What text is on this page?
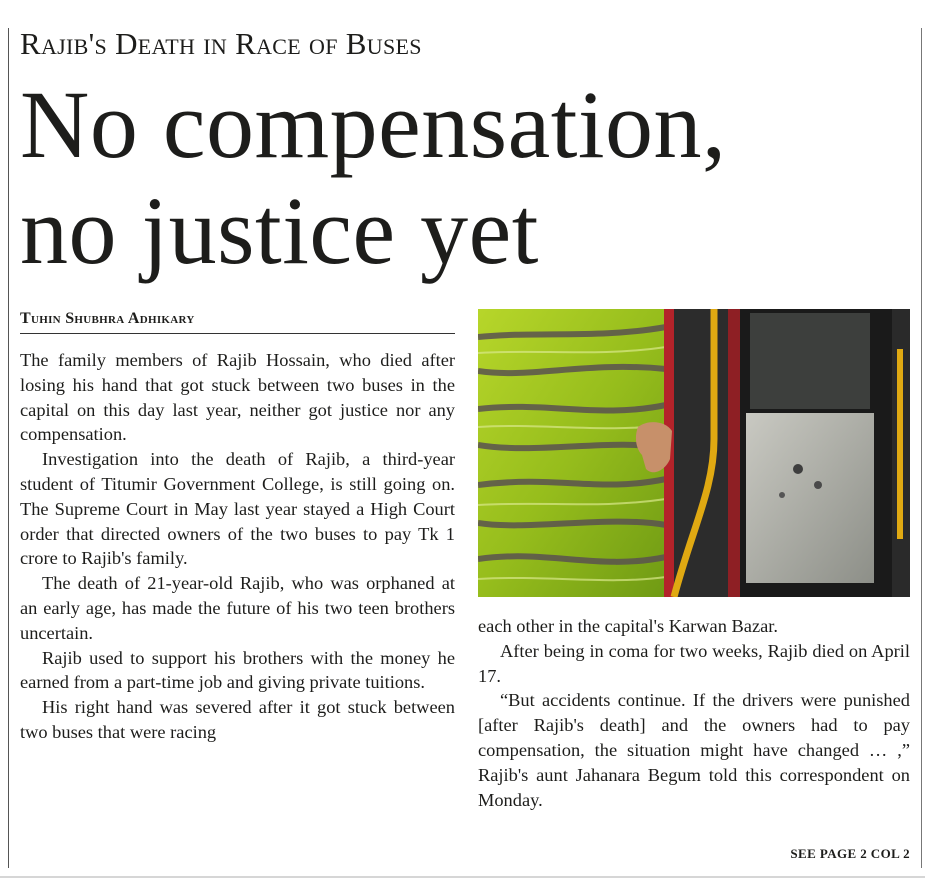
Rajib's Death in Race of Buses
No compensation,
no justice yet
Tuhin Shubhra Adhikary

The family members of Rajib Hossain, who died after losing his hand that got stuck between two buses in the capital on this day last year, neither got justice nor any compensation.

Investigation into the death of Rajib, a third-year student of Titumir Government College, is still going on. The Supreme Court in May last year stayed a High Court order that directed owners of the two buses to pay Tk 1 crore to Rajib's family.

The death of 21-year-old Rajib, who was orphaned at an early age, has made the future of his two teen brothers uncertain.

Rajib used to support his brothers with the money he earned from a part-time job and giving private tuitions.

His right hand was severed after it got stuck between two buses that were racing

each other in the capital's Karwan Bazar.

After being in coma for two weeks, Rajib died on April 17.

“But accidents continue. If the drivers were punished [after Rajib's death] and the owners had to pay compensation, the situation might have changed … ,” Rajib's aunt Jahanara Begum told this correspondent on Monday.

SEE PAGE 2 COL 2
